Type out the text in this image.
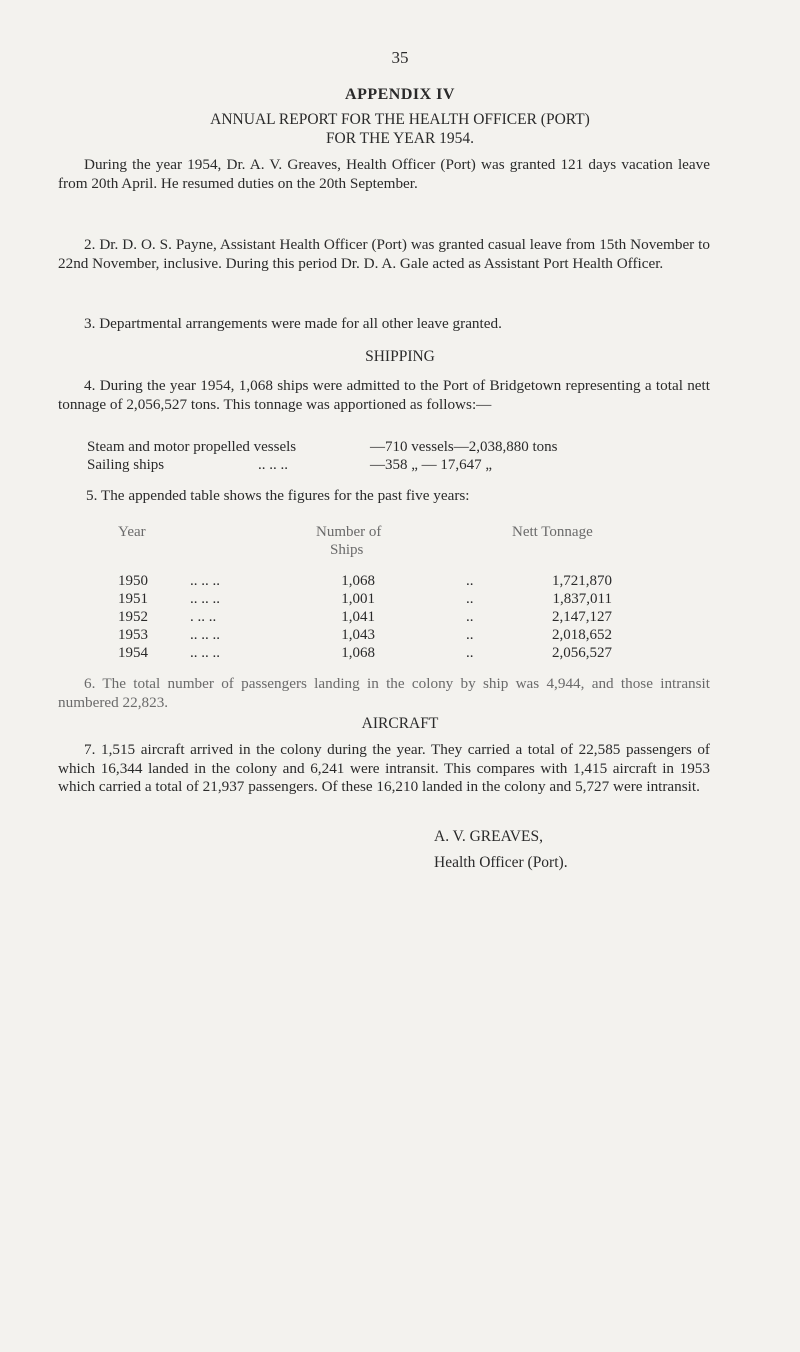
35
APPENDIX IV
ANNUAL REPORT FOR THE HEALTH OFFICER (PORT)
FOR THE YEAR 1954.
During the year 1954, Dr. A. V. Greaves, Health Officer (Port) was granted 121 days vacation leave from 20th April. He resumed duties on the 20th September.
2. Dr. D. O. S. Payne, Assistant Health Officer (Port) was granted casual leave from 15th November to 22nd November, inclusive. During this period Dr. D. A. Gale acted as Assistant Port Health Officer.
3. Departmental arrangements were made for all other leave granted.
SHIPPING
4. During the year 1954, 1,068 ships were admitted to the Port of Bridgetown representing a total nett tonnage of 2,056,527 tons. This tonnage was apportioned as follows:—
Steam and motor propelled vessels	—710 vessels—2,038,880 tons
Sailing ships	.. .. ..	—358 „ — 17,647 „
5. The appended table shows the figures for the past five years:
Year	Number of
Ships
Nett Tonnage
1950	.. .. ..	1,068	..	1,721,870
1951	.. .. ..	1,001	..	1,837,011
1952	. .. ..	1,041	..	2,147,127
1953	.. .. ..	1,043	..	2,018,652
1954	.. .. ..	1,068	..	2,056,527
6. The total number of passengers landing in the colony by ship was 4,944, and those intransit numbered 22,823.
AIRCRAFT
7. 1,515 aircraft arrived in the colony during the year. They carried a total of 22,585 passengers of which 16,344 landed in the colony and 6,241 were intransit. This compares with 1,415 aircraft in 1953 which carried a total of 21,937 passengers. Of these 16,210 landed in the colony and 5,727 were intransit.
A. V. GREAVES,
Health Officer (Port).
